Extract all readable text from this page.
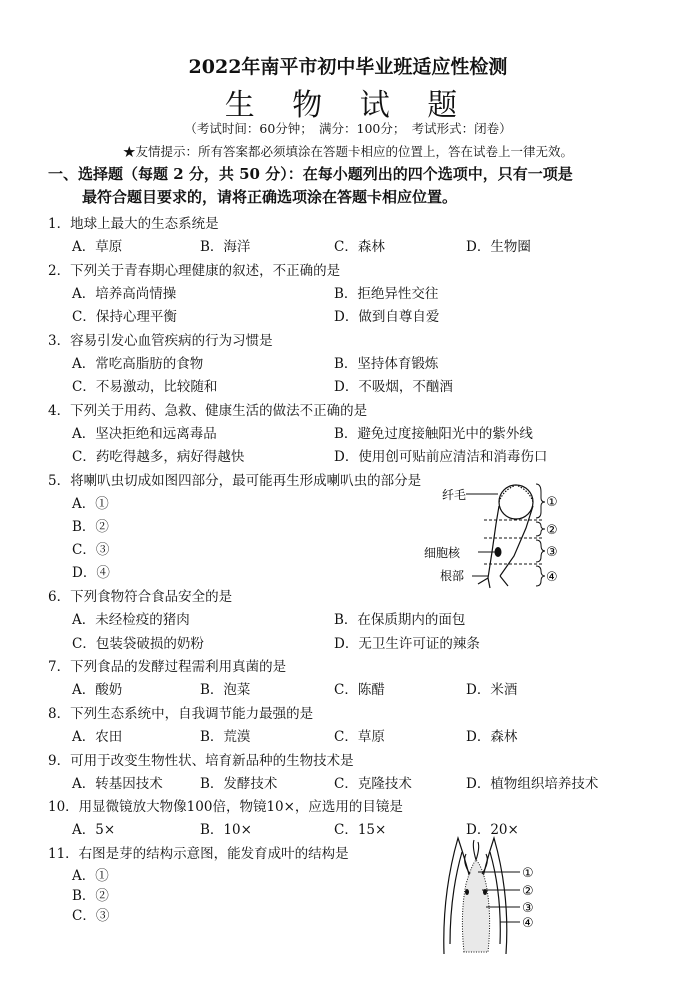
2022年南平市初中毕业班适应性检测
生 物 试 题
（考试时间：60分钟；　满分：100分；　考试形式：闭卷）
★友情提示：所有答案都必须填涂在答题卡相应的位置上，答在试卷上一律无效。
一、选择题（每题 2 分，共 50 分）：在每小题列出的四个选项中，只有一项是
最符合题目要求的，请将正确选项涂在答题卡相应位置。
1．地球上最大的生态系统是
A．草原	B．海洋	C．森林	D．生物圈
2．下列关于青春期心理健康的叙述，不正确的是
A．培养高尚情操	B．拒绝异性交往
C．保持心理平衡	D．做到自尊自爱
3．容易引发心血管疾病的行为习惯是
A．常吃高脂肪的食物	B．坚持体育锻炼
C．不易激动，比较随和	D．不吸烟，不酗酒
4．下列关于用药、急救、健康生活的做法不正确的是
A．坚决拒绝和远离毒品	B．避免过度接触阳光中的紫外线
C．药吃得越多，病好得越快	D．使用创可贴前应清洁和消毒伤口
5．将喇叭虫切成如图四部分，最可能再生形成喇叭虫的部分是
A．①
B．②
C．③
D．④
纤毛
细胞核
根部
①
②
③
④
6．下列食物符合食品安全的是
A．未经检疫的猪肉	B．在保质期内的面包
C．包装袋破损的奶粉	D．无卫生许可证的辣条
7．下列食品的发酵过程需利用真菌的是
A．酸奶	B．泡菜	C．陈醋	D．米酒
8．下列生态系统中，自我调节能力最强的是
A．农田	B．荒漠	C．草原	D．森林
9．可用于改变生物性状、培育新品种的生物技术是
A．转基因技术	B．发酵技术	C．克隆技术	D．植物组织培养技术
10．用显微镜放大物像100倍，物镜10×，应选用的目镜是
A．5×	B．10×	C．15×	D．20×
11．右图是芽的结构示意图，能发育成叶的结构是
A．①
B．②
C．③
①
②
③
④
